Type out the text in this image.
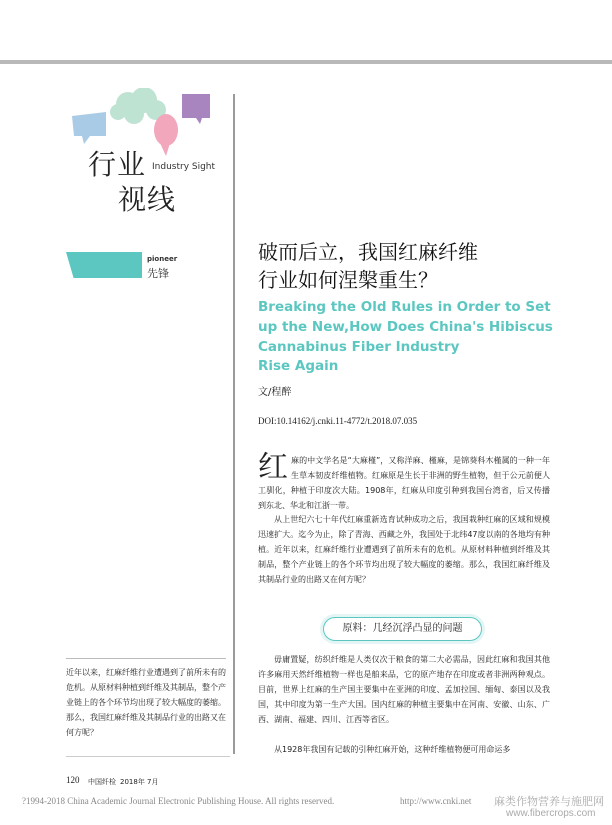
行业 Industry Sight
视线
pioneer
先锋
破而后立，我国红麻纤维
行业如何涅槃重生？
Breaking the Old Rules in Order to Set up the New,How Does China's Hibiscus Cannabinus Fiber Industry
Rise Again
文/程醉
DOI:10.14162/j.cnki.11-4772/t.2018.07.035

红麻的中文学名是“大麻槿”，又称洋麻、槿麻，是锦葵科木槿属的一种一年生草本韧皮纤维植物。红麻原是生长于非洲的野生植物，但于公元前便人工驯化，种植于印度次大陆。1908年，红麻从印度引种到我国台湾省，后又传播到东北、华北和江浙一带。

从上世纪六七十年代红麻重新选育试种成功之后，我国栽种红麻的区域和规模迅速扩大。迄今为止，除了青海、西藏之外，我国处于北纬47度以南的各地均有种植。近年以来，红麻纤维行业遭遇到了前所未有的危机。从原材料种植到纤维及其制品，整个产业链上的各个环节均出现了较大幅度的萎缩。那么，我国红麻纤维及其制品行业的出路又在何方呢？

原料：几经沉浮凸显的问题

毋庸置疑，纺织纤维是人类仅次于粮食的第二大必需品，因此红麻和我国其他许多麻用天然纤维植物一样也是舶来品，它的原产地存在印度或者非洲两种观点。目前，世界上红麻的生产国主要集中在亚洲的印度、孟加拉国、缅甸、泰国以及我国，其中印度为第一生产大国。国内红麻的种植主要集中在河南、安徽、山东、广西、湖南、福建、四川、江西等省区。

从1928年我国有记载的引种红麻开始，这种纤维植物便可用命运多

近年以来，红麻纤维行业遭遇到了前所未有的危机。从原材料种植到纤维及其制品，整个产业链上的各个环节均出现了较大幅度的萎缩。那么，我国红麻纤维及其制品行业的出路又在何方呢？

120 中国纤检 2018年 7月
?1994-2018 China Academic Journal Electronic Publishing House. All rights reserved.	http://www.cnki.net 麻类作物营养与施肥网
www.fibercrops.com
